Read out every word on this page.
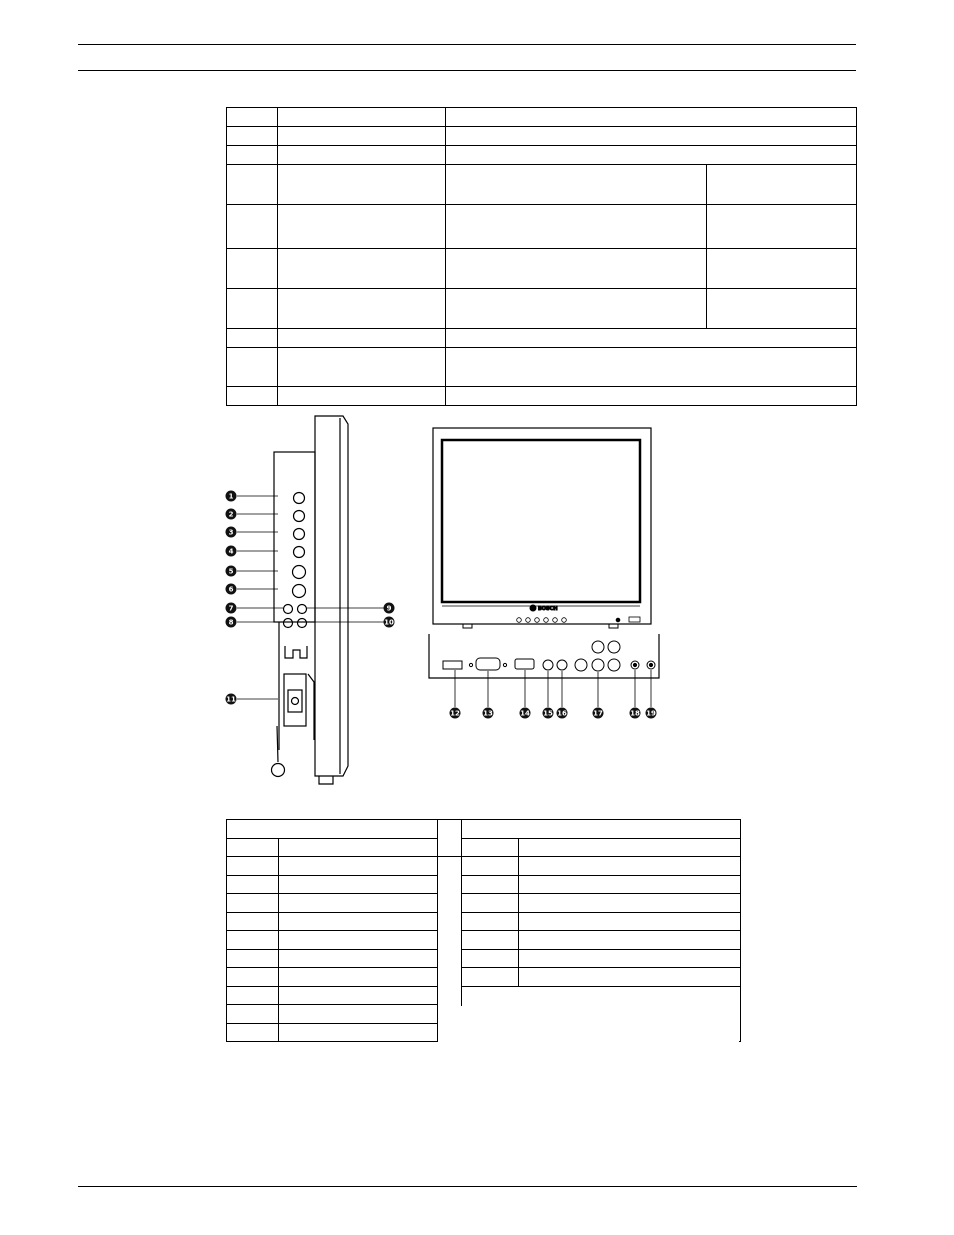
BOSCH
1
2
3
4
5
6
7
8
9
10
11
12	13	14 15 16	17	18 19
